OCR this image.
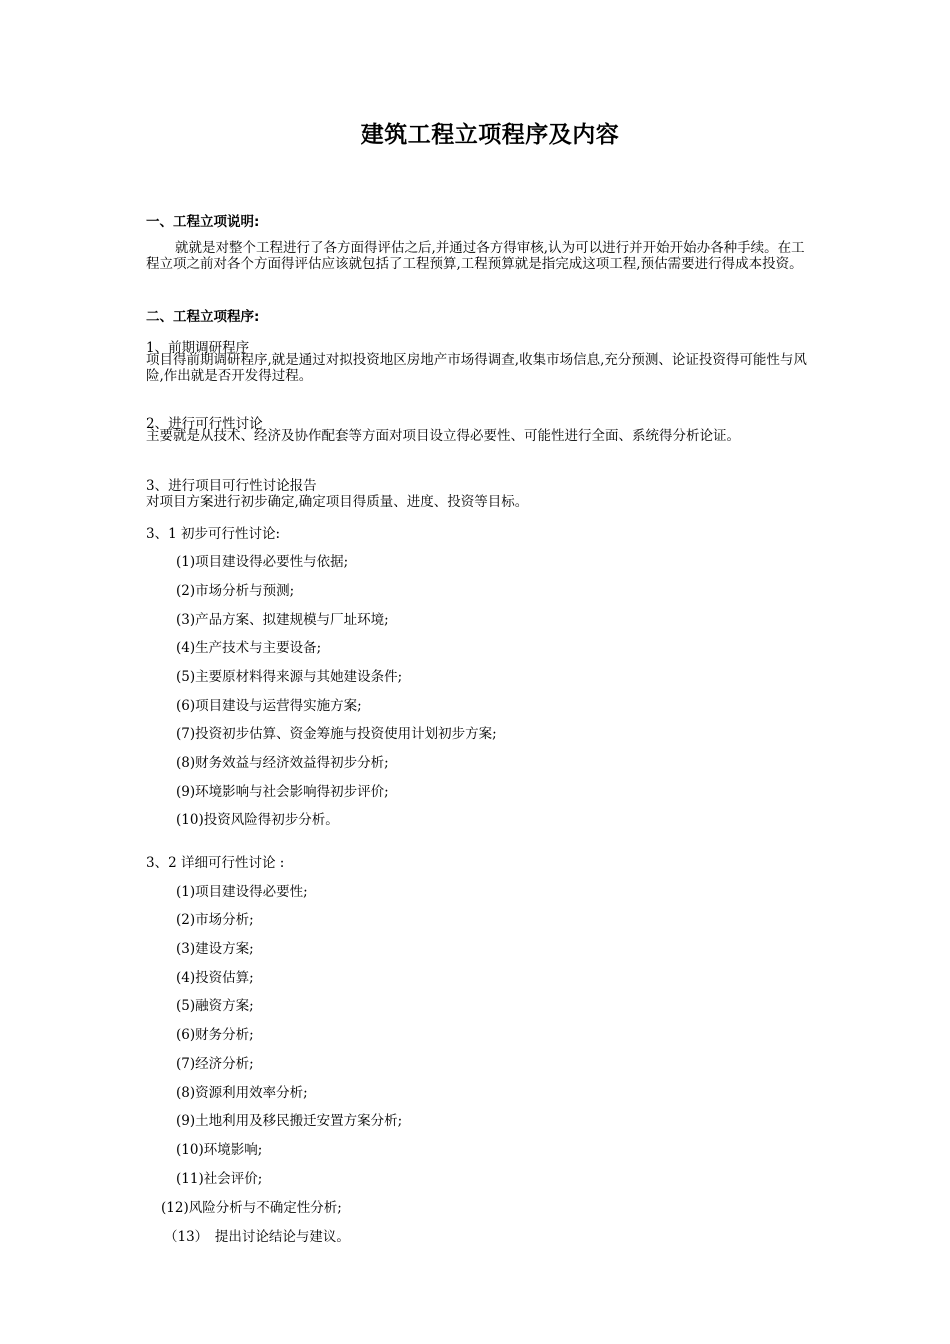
建筑工程立项程序及内容
一、工程立项说明:
就就是对整个工程进行了各方面得评估之后,并通过各方得审核,认为可以进行并开始开始办各种手续。在工程立项之前对各个方面得评估应该就包括了工程预算,工程预算就是指完成这项工程,预估需要进行得成本投资。
二、工程立项程序:
1、前期调研程序
项目得前期调研程序,就是通过对拟投资地区房地产市场得调查,收集市场信息,充分预测、论证投资得可能性与风险,作出就是否开发得过程。
2、进行可行性讨论
主要就是从技术、经济及协作配套等方面对项目设立得必要性、可能性进行全面、系统得分析论证。
3、进行项目可行性讨论报告
对项目方案进行初步确定,确定项目得质量、进度、投资等目标。
3、1 初步可行性讨论:
(1)项目建设得必要性与依据;
(2)市场分析与预测;
(3)产品方案、拟建规模与厂址环境;
(4)生产技术与主要设备;
(5)主要原材料得来源与其她建设条件;
(6)项目建设与运营得实施方案;
(7)投资初步估算、资金筹施与投资使用计划初步方案;
(8)财务效益与经济效益得初步分析;
(9)环境影响与社会影响得初步评价;
(10)投资风险得初步分析。
3、2 详细可行性讨论 :
(1)项目建设得必要性;
(2)市场分析;
(3)建设方案;
(4)投资估算;
(5)融资方案;
(6)财务分析;
(7)经济分析;
(8)资源利用效率分析;
(9)土地利用及移民搬迁安置方案分析;
(10)环境影响;
(11)社会评价;
(12)风险分析与不确定性分析;
（13）　提出讨论结论与建议。
